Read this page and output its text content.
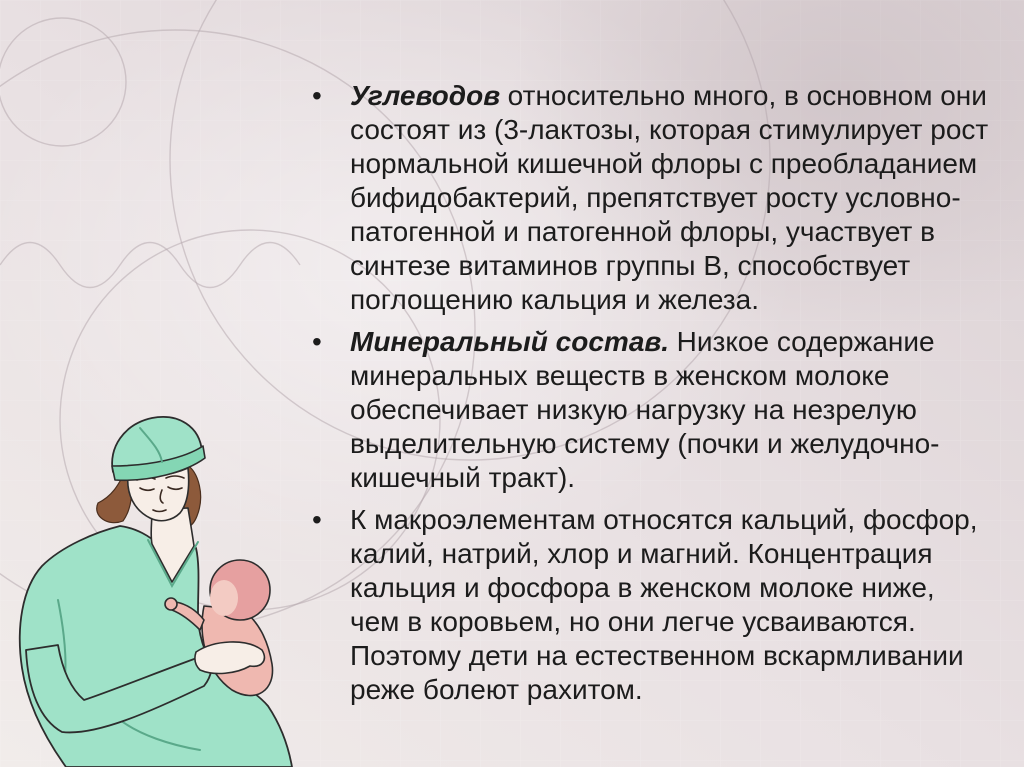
• Углеводов относительно много, в основном они
состоят из (3-лактозы, которая стимулирует рост
нормальной кишечной флоры с преобладанием
бифидобактерий, препятствует росту условно-
патогенной и патогенной флоры, участвует в
синтезе витаминов группы В, способствует
поглощению кальция и железа.
• Минеральный состав. Низкое содержание
минеральных веществ в женском молоке
обеспечивает низкую нагрузку на незрелую
выделительную систему (почки и желудочно-
кишечный тракт).
• К макроэлементам относятся кальций, фосфор,
калий, натрий, хлор и магний. Концентрация
кальция и фосфора в женском молоке ниже,
чем в коровьем, но они легче усваиваются.
Поэтому дети на естественном вскармливании
реже болеют рахитом.
